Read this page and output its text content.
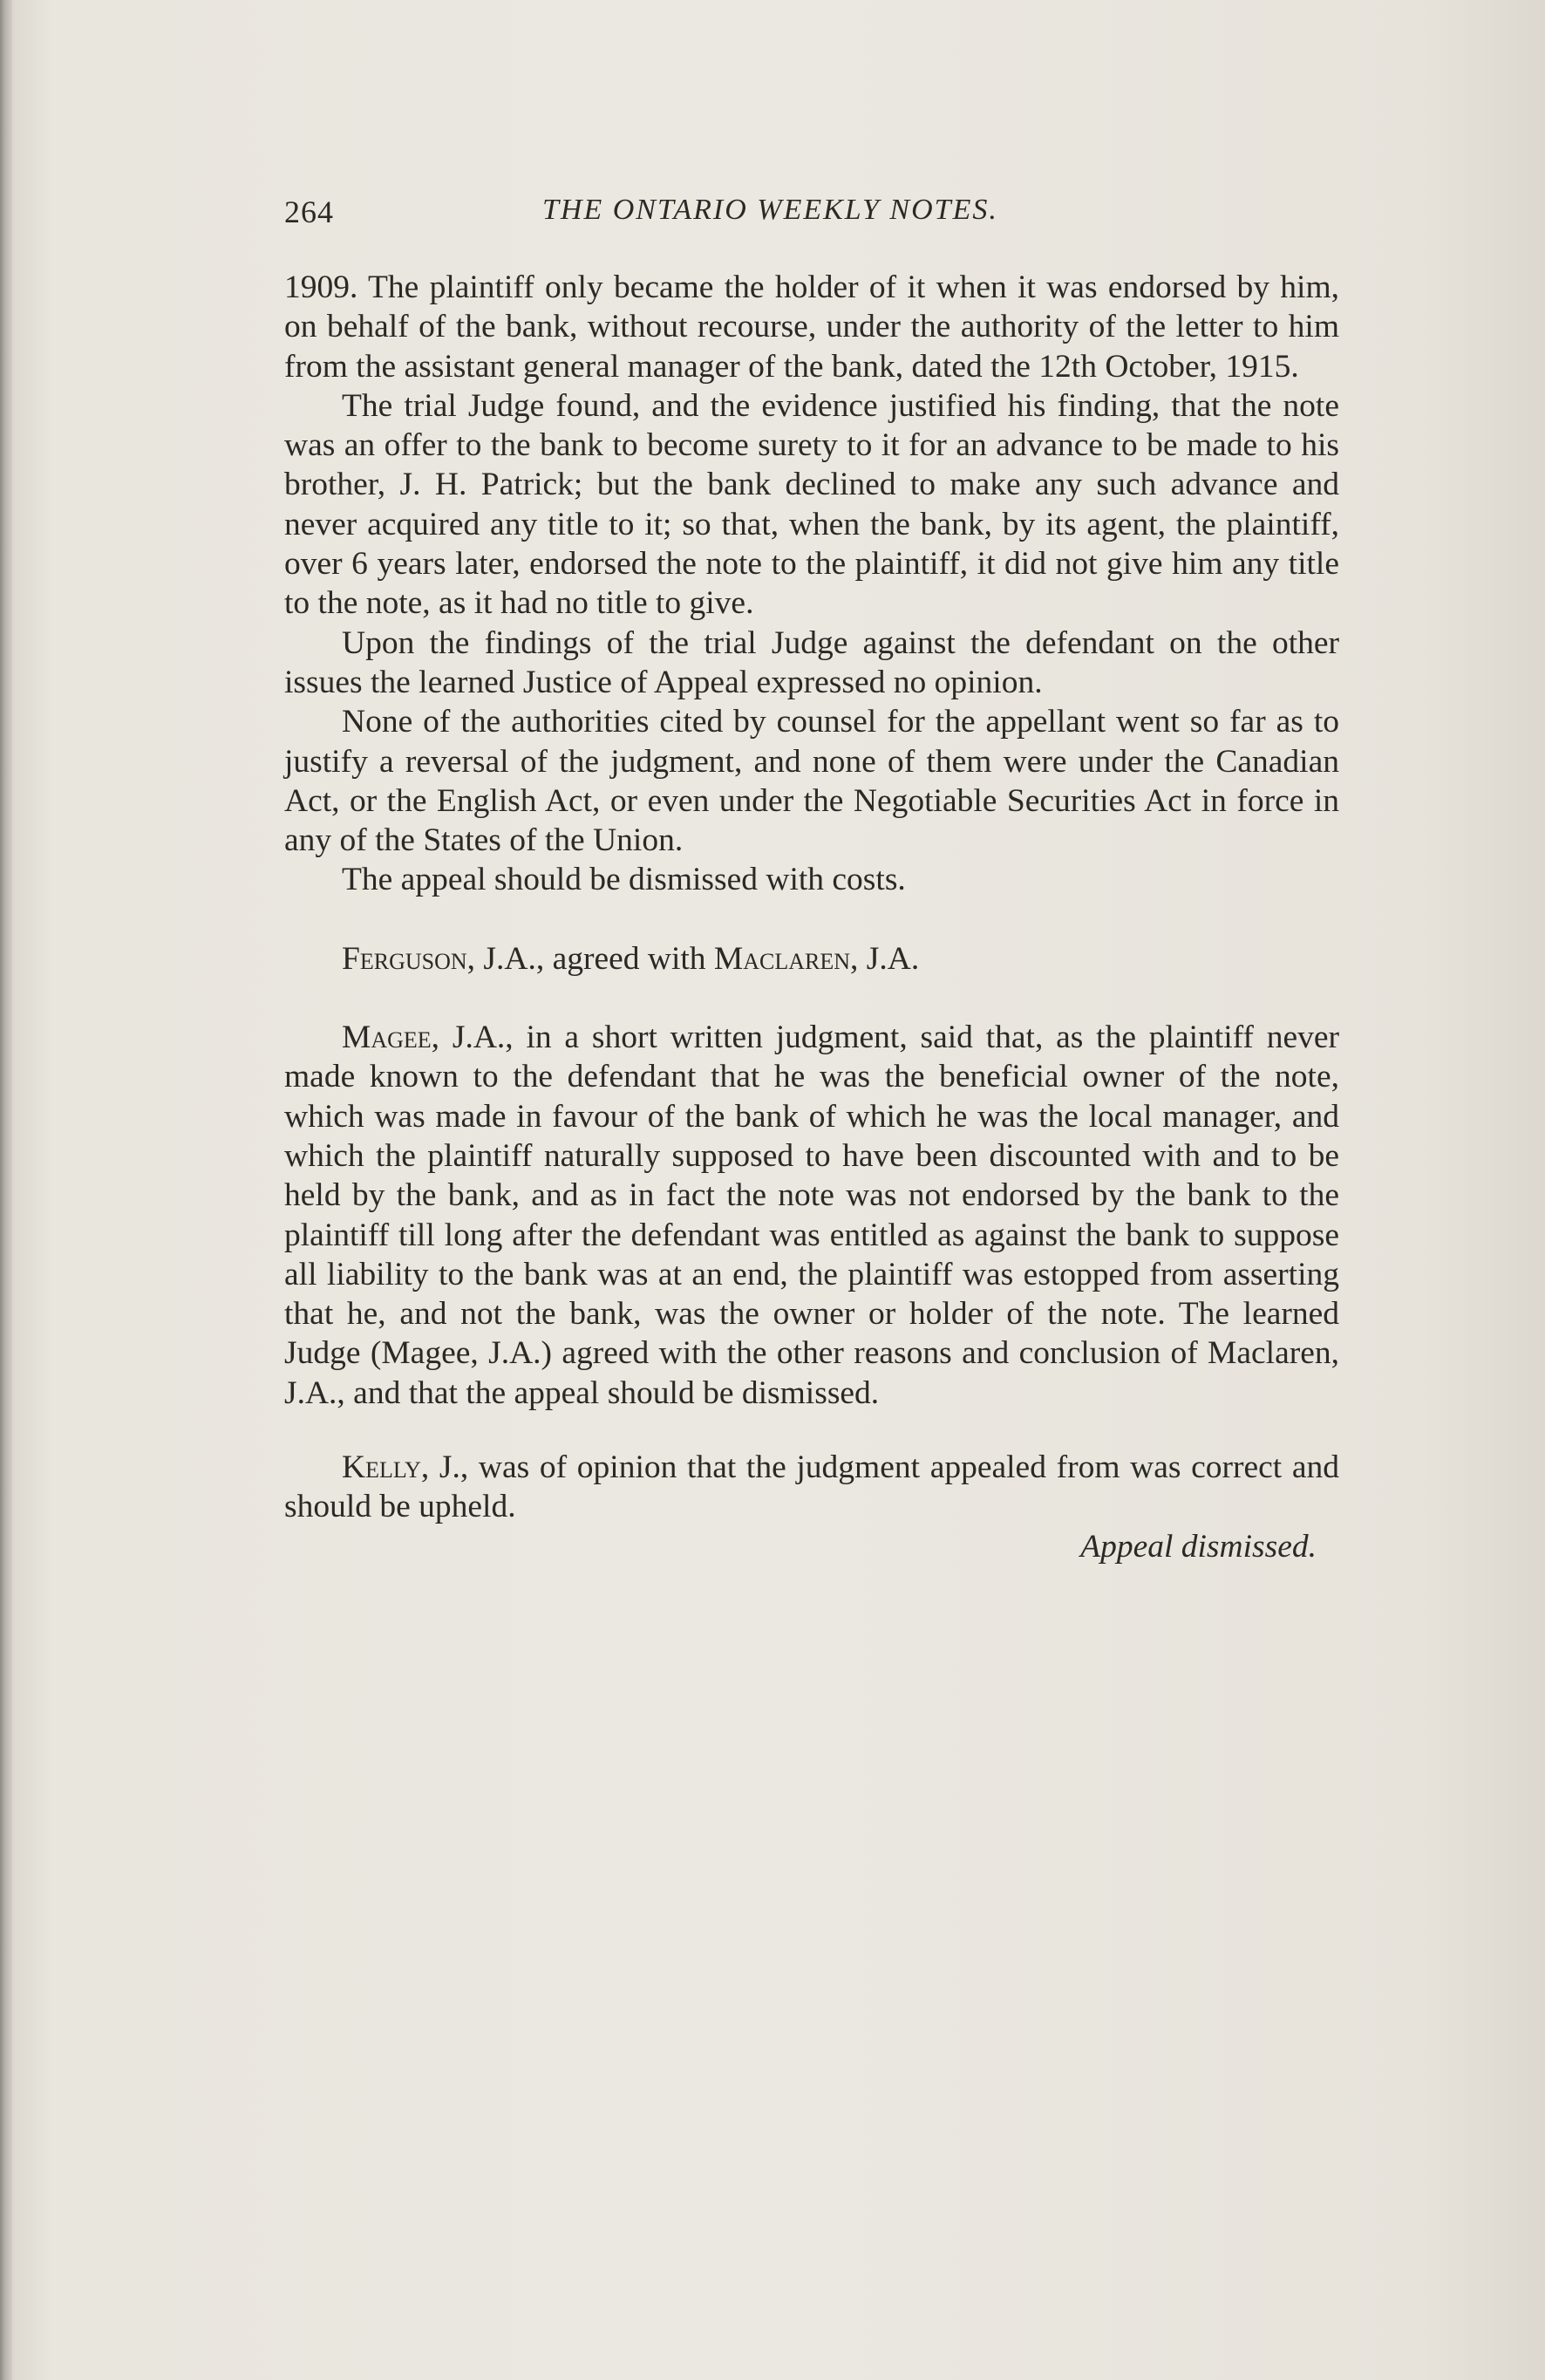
264	THE ONTARIO WEEKLY NOTES.

1909. The plaintiff only became the holder of it when it was endorsed by him, on behalf of the bank, without recourse, under the authority of the letter to him from the assistant general manager of the bank, dated the 12th October, 1915.

The trial Judge found, and the evidence justified his finding, that the note was an offer to the bank to become surety to it for an advance to be made to his brother, J. H. Patrick; but the bank declined to make any such advance and never acquired any title to it; so that, when the bank, by its agent, the plaintiff, over 6 years later, endorsed the note to the plaintiff, it did not give him any title to the note, as it had no title to give.

Upon the findings of the trial Judge against the defendant on the other issues the learned Justice of Appeal expressed no opinion.

None of the authorities cited by counsel for the appellant went so far as to justify a reversal of the judgment, and none of them were under the Canadian Act, or the English Act, or even under the Negotiable Securities Act in force in any of the States of the Union.

The appeal should be dismissed with costs.

Ferguson, J.A., agreed with Maclaren, J.A.

Magee, J.A., in a short written judgment, said that, as the plaintiff never made known to the defendant that he was the beneficial owner of the note, which was made in favour of the bank of which he was the local manager, and which the plaintiff naturally supposed to have been discounted with and to be held by the bank, and as in fact the note was not endorsed by the bank to the plaintiff till long after the defendant was entitled as against the bank to suppose all liability to the bank was at an end, the plaintiff was estopped from asserting that he, and not the bank, was the owner or holder of the note. The learned Judge (Magee, J.A.) agreed with the other reasons and conclusion of Maclaren, J.A., and that the appeal should be dismissed.

Kelly, J., was of opinion that the judgment appealed from was correct and should be upheld.

Appeal dismissed.
